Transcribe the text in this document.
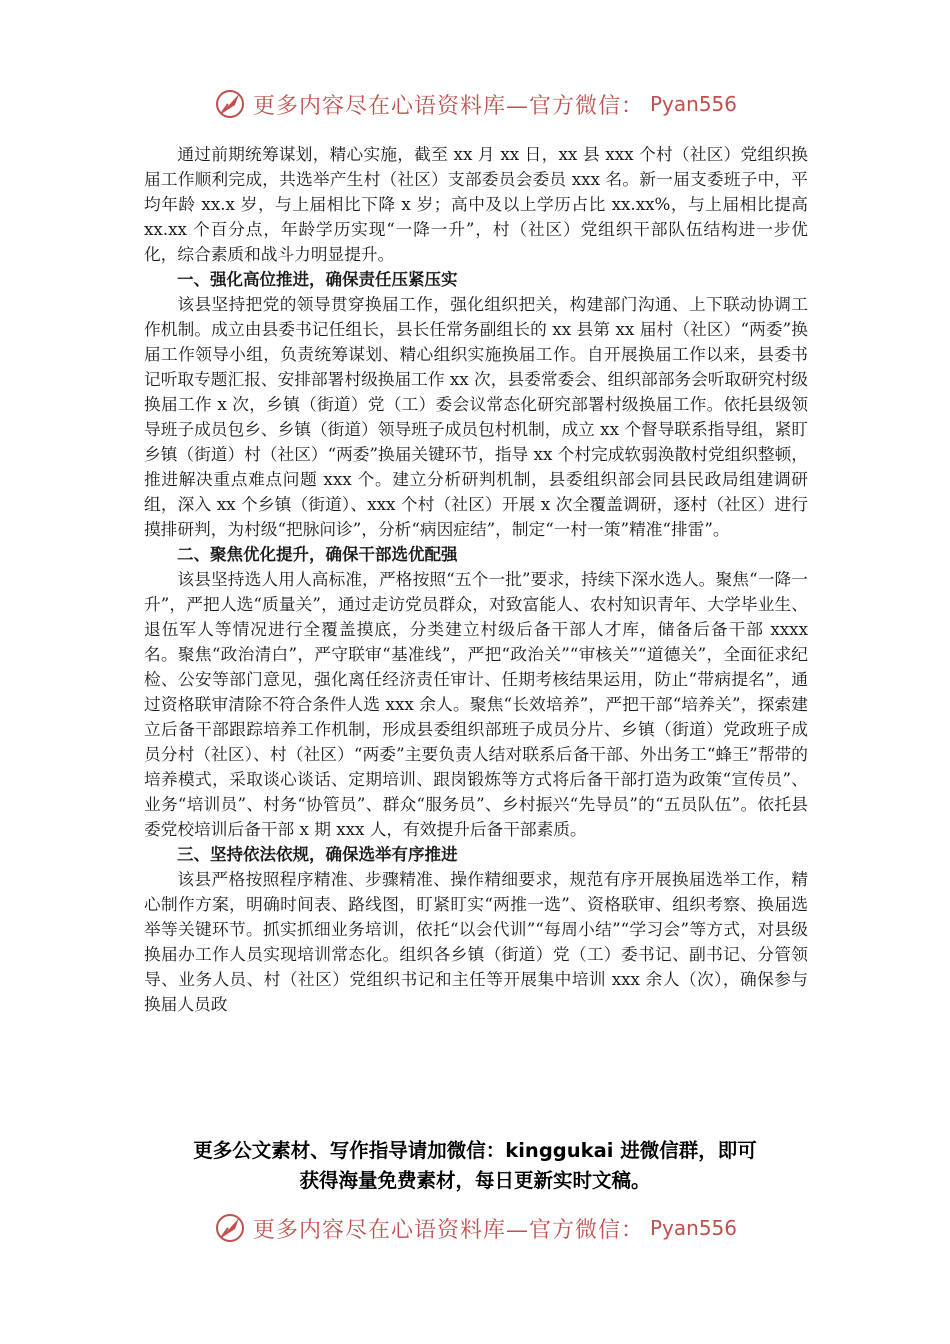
更多内容尽在心语资料库—官方微信： Pyan556

通过前期统筹谋划，精心实施，截至 xx 月 xx 日，xx 县 xxx 个村（社区）党组织换届工作顺利完成，共选举产生村（社区）支部委员会委员 xxx 名。新一届支委班子中，平均年龄 xx.x 岁，与上届相比下降 x 岁；高中及以上学历占比 xx.xx%，与上届相比提高 xx.xx 个百分点，年龄学历实现“一降一升”，村（社区）党组织干部队伍结构进一步优化，综合素质和战斗力明显提升。

一、强化高位推进，确保责任压紧压实

该县坚持把党的领导贯穿换届工作，强化组织把关，构建部门沟通、上下联动协调工作机制。成立由县委书记任组长，县长任常务副组长的 xx 县第 xx 届村（社区）“两委”换届工作领导小组，负责统筹谋划、精心组织实施换届工作。自开展换届工作以来，县委书记听取专题汇报、安排部署村级换届工作 xx 次，县委常委会、组织部部务会听取研究村级换届工作 x 次，乡镇（街道）党（工）委会议常态化研究部署村级换届工作。依托县级领导班子成员包乡、乡镇（街道）领导班子成员包村机制，成立 xx 个督导联系指导组，紧盯乡镇（街道）村（社区）“两委”换届关键环节，指导 xx 个村完成软弱涣散村党组织整顿，推进解决重点难点问题 xxx 个。建立分析研判机制，县委组织部会同县民政局组建调研组，深入 xx 个乡镇（街道）、xxx 个村（社区）开展 x 次全覆盖调研，逐村（社区）进行摸排研判，为村级“把脉问诊”，分析“病因症结”，制定“一村一策”精准“排雷”。

二、聚焦优化提升，确保干部选优配强

该县坚持选人用人高标准，严格按照“五个一批”要求，持续下深水选人。聚焦“一降一升”，严把人选“质量关”，通过走访党员群众，对致富能人、农村知识青年、大学毕业生、退伍军人等情况进行全覆盖摸底，分类建立村级后备干部人才库，储备后备干部 xxxx 名。聚焦“政治清白”，严守联审“基准线”，严把“政治关”“审核关”“道德关”，全面征求纪检、公安等部门意见，强化离任经济责任审计、任期考核结果运用，防止“带病提名”，通过资格联审清除不符合条件人选 xxx 余人。聚焦“长效培养”，严把干部“培养关”，探索建立后备干部跟踪培养工作机制，形成县委组织部班子成员分片、乡镇（街道）党政班子成员分村（社区）、村（社区）“两委”主要负责人结对联系后备干部、外出务工“蜂王”帮带的培养模式，采取谈心谈话、定期培训、跟岗锻炼等方式将后备干部打造为政策“宣传员”、业务“培训员”、村务“协管员”、群众“服务员”、乡村振兴“先导员”的“五员队伍”。依托县委党校培训后备干部 x 期 xxx 人，有效提升后备干部素质。

三、坚持依法依规，确保选举有序推进

该县严格按照程序精准、步骤精准、操作精细要求，规范有序开展换届选举工作，精心制作方案，明确时间表、路线图，盯紧盯实“两推一选”、资格联审、组织考察、换届选举等关键环节。抓实抓细业务培训，依托“以会代训”“每周小结”“学习会”等方式，对县级换届办工作人员实现培训常态化。组织各乡镇（街道）党（工）委书记、副书记、分管领导、业务人员、村（社区）党组织书记和主任等开展集中培训 xxx 余人（次），确保参与换届人员政

更多公文素材、写作指导请加微信：kinggukai 进微信群，即可
获得海量免费素材，每日更新实时文稿。
更多内容尽在心语资料库—官方微信： Pyan556
